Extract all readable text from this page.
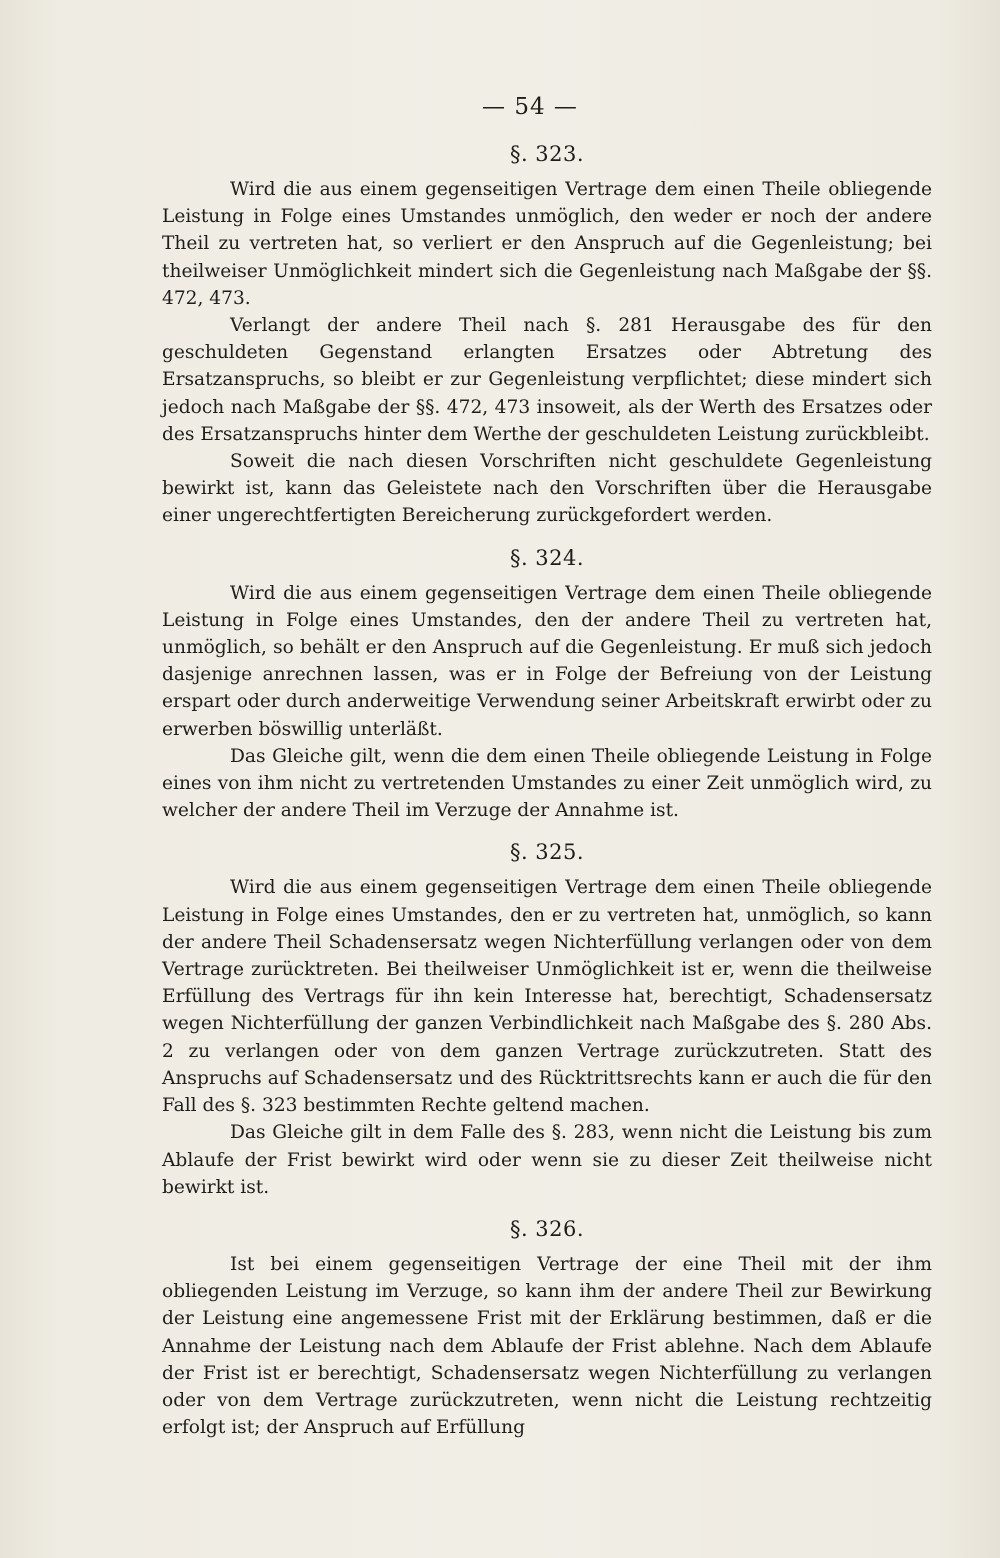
— 54 —
§. 323.

Wird die aus einem gegenseitigen Vertrage dem einen Theile obliegende Leistung in Folge eines Umstandes unmöglich, den weder er noch der andere Theil zu vertreten hat, so verliert er den Anspruch auf die Gegenleistung; bei theilweiser Unmöglichkeit mindert sich die Gegenleistung nach Maßgabe der §§. 472, 473.

Verlangt der andere Theil nach §. 281 Herausgabe des für den geschuldeten Gegenstand erlangten Ersatzes oder Abtretung des Ersatzanspruchs, so bleibt er zur Gegenleistung verpflichtet; diese mindert sich jedoch nach Maßgabe der §§. 472, 473 insoweit, als der Werth des Ersatzes oder des Ersatzanspruchs hinter dem Werthe der geschuldeten Leistung zurückbleibt.

Soweit die nach diesen Vorschriften nicht geschuldete Gegenleistung bewirkt ist, kann das Geleistete nach den Vorschriften über die Herausgabe einer ungerechtfertigten Bereicherung zurückgefordert werden.

§. 324.

Wird die aus einem gegenseitigen Vertrage dem einen Theile obliegende Leistung in Folge eines Umstandes, den der andere Theil zu vertreten hat, unmöglich, so behält er den Anspruch auf die Gegenleistung. Er muß sich jedoch dasjenige anrechnen lassen, was er in Folge der Befreiung von der Leistung erspart oder durch anderweitige Verwendung seiner Arbeitskraft erwirbt oder zu erwerben böswillig unterläßt.

Das Gleiche gilt, wenn die dem einen Theile obliegende Leistung in Folge eines von ihm nicht zu vertretenden Umstandes zu einer Zeit unmöglich wird, zu welcher der andere Theil im Verzuge der Annahme ist.

§. 325.

Wird die aus einem gegenseitigen Vertrage dem einen Theile obliegende Leistung in Folge eines Umstandes, den er zu vertreten hat, unmöglich, so kann der andere Theil Schadensersatz wegen Nichterfüllung verlangen oder von dem Vertrage zurücktreten. Bei theilweiser Unmöglichkeit ist er, wenn die theilweise Erfüllung des Vertrags für ihn kein Interesse hat, berechtigt, Schadensersatz wegen Nichterfüllung der ganzen Verbindlichkeit nach Maßgabe des §. 280 Abs. 2 zu verlangen oder von dem ganzen Vertrage zurückzutreten. Statt des Anspruchs auf Schadensersatz und des Rücktrittsrechts kann er auch die für den Fall des §. 323 bestimmten Rechte geltend machen.

Das Gleiche gilt in dem Falle des §. 283, wenn nicht die Leistung bis zum Ablaufe der Frist bewirkt wird oder wenn sie zu dieser Zeit theilweise nicht bewirkt ist.

§. 326.

Ist bei einem gegenseitigen Vertrage der eine Theil mit der ihm obliegenden Leistung im Verzuge, so kann ihm der andere Theil zur Bewirkung der Leistung eine angemessene Frist mit der Erklärung bestimmen, daß er die Annahme der Leistung nach dem Ablaufe der Frist ablehne. Nach dem Ablaufe der Frist ist er berechtigt, Schadensersatz wegen Nichterfüllung zu verlangen oder von dem Vertrage zurückzutreten, wenn nicht die Leistung rechtzeitig erfolgt ist; der Anspruch auf Erfüllung
